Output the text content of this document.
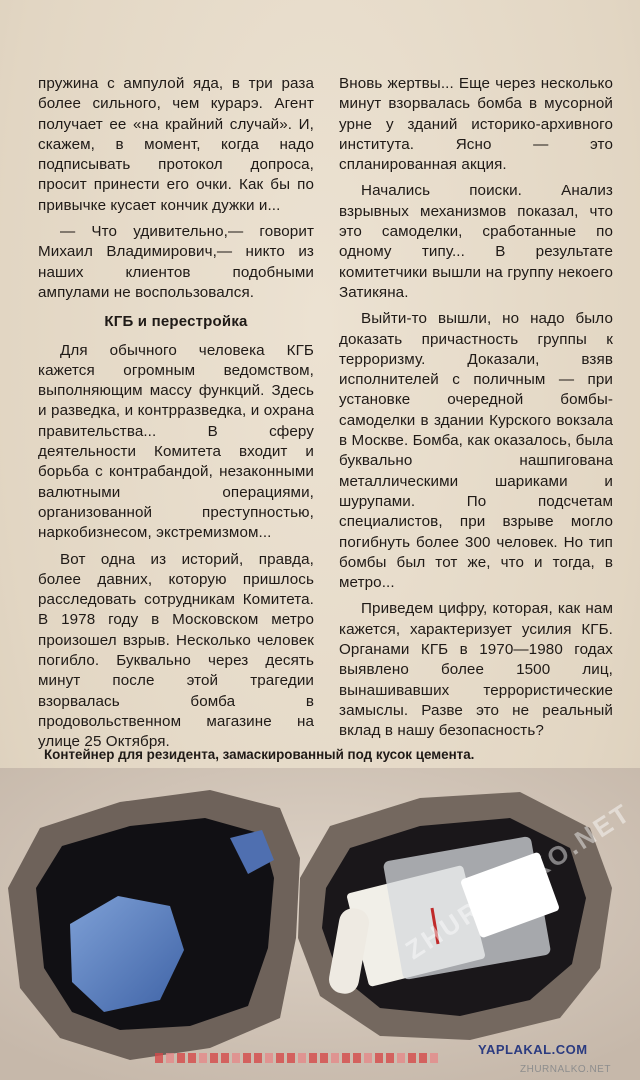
пружина с ампулой яда, в три раза более сильного, чем курарэ. Агент получает ее «на крайний случай». И, скажем, в момент, когда надо подписывать протокол допроса, просит принести его очки. Как бы по привычке кусает кончик дужки и...

— Что удивительно,— говорит Михаил Владимирович,— никто из наших клиентов подобными ампулами не воспользовался.

КГБ и перестройка

Для обычного человека КГБ кажется огромным ведомством, выполняющим массу функций. Здесь и разведка, и контрразведка, и охрана правительства... В сферу деятельности Комитета входит и борьба с контрабандой, незаконными валютными операциями, организованной преступностью, наркобизнесом, экстремизмом...

Вот одна из историй, правда, более давних, которую пришлось расследовать сотрудникам Комитета. В 1978 году в Московском метро произошел взрыв. Несколько человек погибло. Буквально через десять минут после этой трагедии взорвалась бомба в продовольственном магазине на улице 25 Октября.

Вновь жертвы... Еще через несколько минут взорвалась бомба в мусорной урне у зданий историко-архивного института. Ясно — это спланированная акция.

Начались поиски. Анализ взрывных механизмов показал, что это самоделки, сработанные по одному типу... В результате комитетчики вышли на группу некоего Затикяна.

Выйти-то вышли, но надо было доказать причастность группы к терроризму. Доказали, взяв исполнителей с поличным — при установке очередной бомбы-самоделки в здании Курского вокзала в Москве. Бомба, как оказалось, была буквально нашпигована металлическими шариками и шурупами. По подсчетам специалистов, при взрыве могло погибнуть более 300 человек. Но тип бомбы был тот же, что и тогда, в метро...

Приведем цифру, которая, как нам кажется, характеризует усилия КГБ. Органами КГБ в 1970—1980 годах выявлено более 1500 лиц, вынашивавших террористические замыслы. Разве это не реальный вклад в нашу безопасность?

Контейнер для резидента, замаскированный под кусок цемента.
ZHURNALKO.NET
YAPLAKAL.COM
ZHURNALKO.NET
